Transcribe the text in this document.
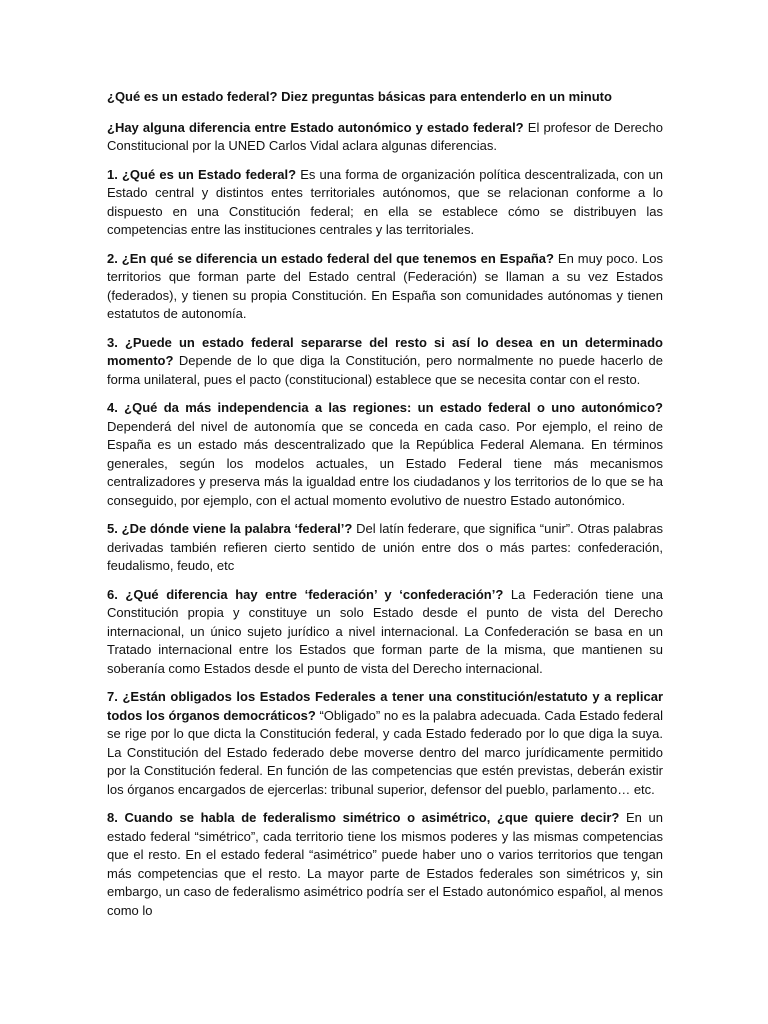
¿Qué es un estado federal? Diez preguntas básicas para entenderlo en un minuto

¿Hay alguna diferencia entre Estado autonómico y estado federal? El profesor de Derecho Constitucional por la UNED Carlos Vidal aclara algunas diferencias.

1. ¿Qué es un Estado federal? Es una forma de organización política descentralizada, con un Estado central y distintos entes territoriales autónomos, que se relacionan conforme a lo dispuesto en una Constitución federal; en ella se establece cómo se distribuyen las competencias entre las instituciones centrales y las territoriales.

2. ¿En qué se diferencia un estado federal del que tenemos en España? En muy poco. Los territorios que forman parte del Estado central (Federación) se llaman a su vez Estados (federados), y tienen su propia Constitución. En España son comunidades autónomas y tienen estatutos de autonomía.

3. ¿Puede un estado federal separarse del resto si así lo desea en un determinado momento? Depende de lo que diga la Constitución, pero normalmente no puede hacerlo de forma unilateral, pues el pacto (constitucional) establece que se necesita contar con el resto.

4. ¿Qué da más independencia a las regiones: un estado federal o uno autonómico? Dependerá del nivel de autonomía que se conceda en cada caso. Por ejemplo, el reino de España es un estado más descentralizado que la República Federal Alemana. En términos generales, según los modelos actuales, un Estado Federal tiene más mecanismos centralizadores y preserva más la igualdad entre los ciudadanos y los territorios de lo que se ha conseguido, por ejemplo, con el actual momento evolutivo de nuestro Estado autonómico.

5. ¿De dónde viene la palabra ‘federal’? Del latín federare, que significa “unir”. Otras palabras derivadas también refieren cierto sentido de unión entre dos o más partes: confederación, feudalismo, feudo, etc

6. ¿Qué diferencia hay entre ‘federación’ y ‘confederación’? La Federación tiene una Constitución propia y constituye un solo Estado desde el punto de vista del Derecho internacional, un único sujeto jurídico a nivel internacional. La Confederación se basa en un Tratado internacional entre los Estados que forman parte de la misma, que mantienen su soberanía como Estados desde el punto de vista del Derecho internacional.

7. ¿Están obligados los Estados Federales a tener una constitución/estatuto y a replicar todos los órganos democráticos? “Obligado” no es la palabra adecuada. Cada Estado federal se rige por lo que dicta la Constitución federal, y cada Estado federado por lo que diga la suya. La Constitución del Estado federado debe moverse dentro del marco jurídicamente permitido por la Constitución federal. En función de las competencias que estén previstas, deberán existir los órganos encargados de ejercerlas: tribunal superior, defensor del pueblo, parlamento… etc.

8. Cuando se habla de federalismo simétrico o asimétrico, ¿que quiere decir? En un estado federal “simétrico”, cada territorio tiene los mismos poderes y las mismas competencias que el resto. En el estado federal “asimétrico” puede haber uno o varios territorios que tengan más competencias que el resto. La mayor parte de Estados federales son simétricos y, sin embargo, un caso de federalismo asimétrico podría ser el Estado autonómico español, al menos como lo
